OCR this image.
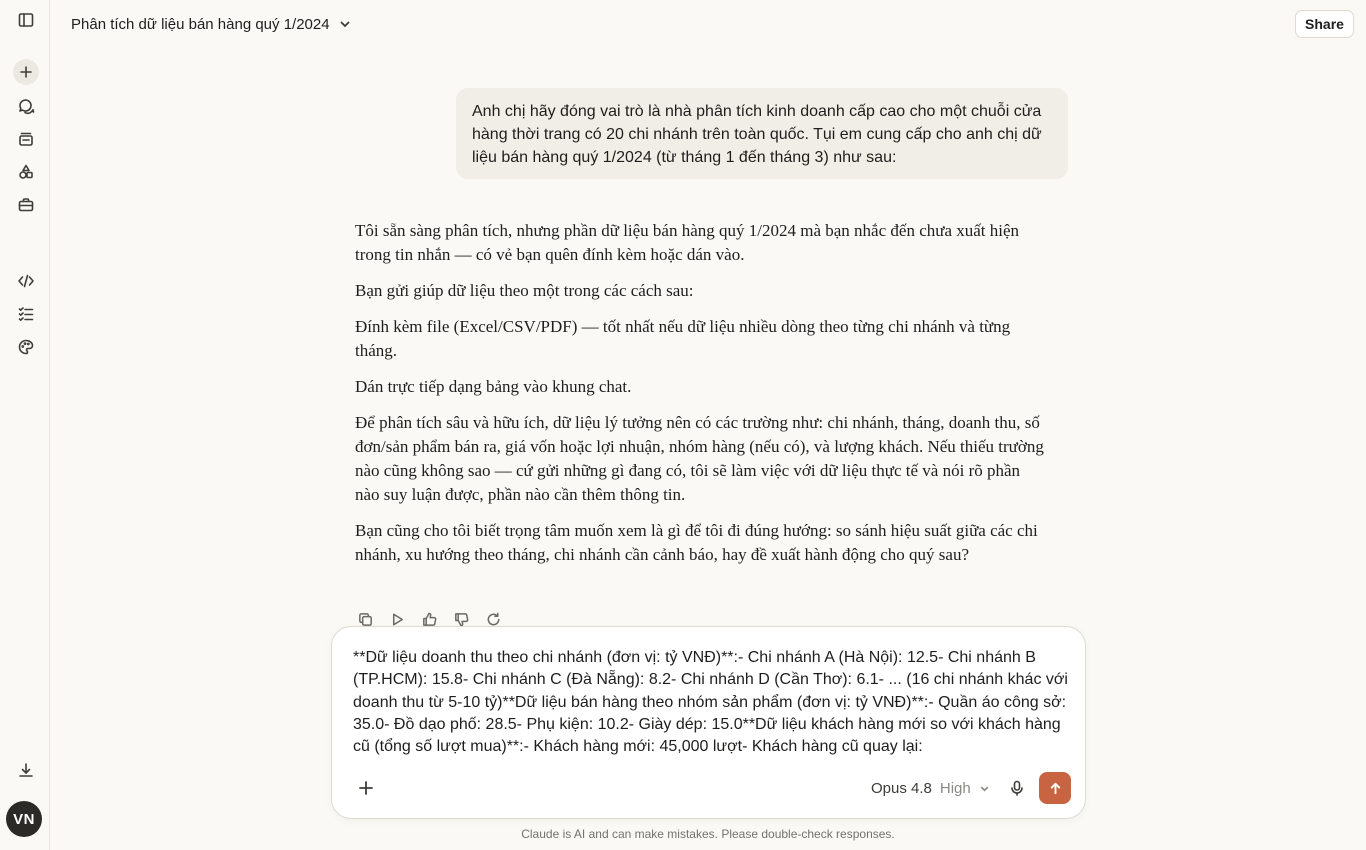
VN
Phân tích dữ liệu bán hàng quý 1/2024	Share
Anh chị hãy đóng vai trò là nhà phân tích kinh doanh cấp cao cho một chuỗi cửa hàng thời trang có 20 chi nhánh trên toàn quốc. Tụi em cung cấp cho anh chị dữ liệu bán hàng quý 1/2024 (từ tháng 1 đến tháng 3) như sau:

Tôi sẵn sàng phân tích, nhưng phần dữ liệu bán hàng quý 1/2024 mà bạn nhắc đến chưa xuất hiện trong tin nhắn — có vẻ bạn quên đính kèm hoặc dán vào.

Bạn gửi giúp dữ liệu theo một trong các cách sau:

Đính kèm file (Excel/CSV/PDF) — tốt nhất nếu dữ liệu nhiều dòng theo từng chi nhánh và từng tháng.

Dán trực tiếp dạng bảng vào khung chat.

Để phân tích sâu và hữu ích, dữ liệu lý tưởng nên có các trường như: chi nhánh, tháng, doanh thu, số đơn/sản phẩm bán ra, giá vốn hoặc lợi nhuận, nhóm hàng (nếu có), và lượng khách. Nếu thiếu trường nào cũng không sao — cứ gửi những gì đang có, tôi sẽ làm việc với dữ liệu thực tế và nói rõ phần nào suy luận được, phần nào cần thêm thông tin.

Bạn cũng cho tôi biết trọng tâm muốn xem là gì để tôi đi đúng hướng: so sánh hiệu suất giữa các chi nhánh, xu hướng theo tháng, chi nhánh cần cảnh báo, hay đề xuất hành động cho quý sau?

**Dữ liệu doanh thu theo chi nhánh (đơn vị: tỷ VNĐ)**:- Chi nhánh A (Hà Nội): 12.5- Chi nhánh B (TP.HCM): 15.8- Chi nhánh C (Đà Nẵng): 8.2- Chi nhánh D (Cần Thơ): 6.1- ... (16 chi nhánh khác với doanh thu từ 5-10 tỷ)**Dữ liệu bán hàng theo nhóm sản phẩm (đơn vị: tỷ VNĐ)**:- Quần áo công sở: 35.0- Đồ dạo phố: 28.5- Phụ kiện: 10.2- Giày dép: 15.0**Dữ liệu khách hàng mới so với khách hàng cũ (tổng số lượt mua)**:- Khách hàng mới: 45,000 lượt- Khách hàng cũ quay lại:
Opus 4.8 High
Claude is AI and can make mistakes. Please double-check responses.
